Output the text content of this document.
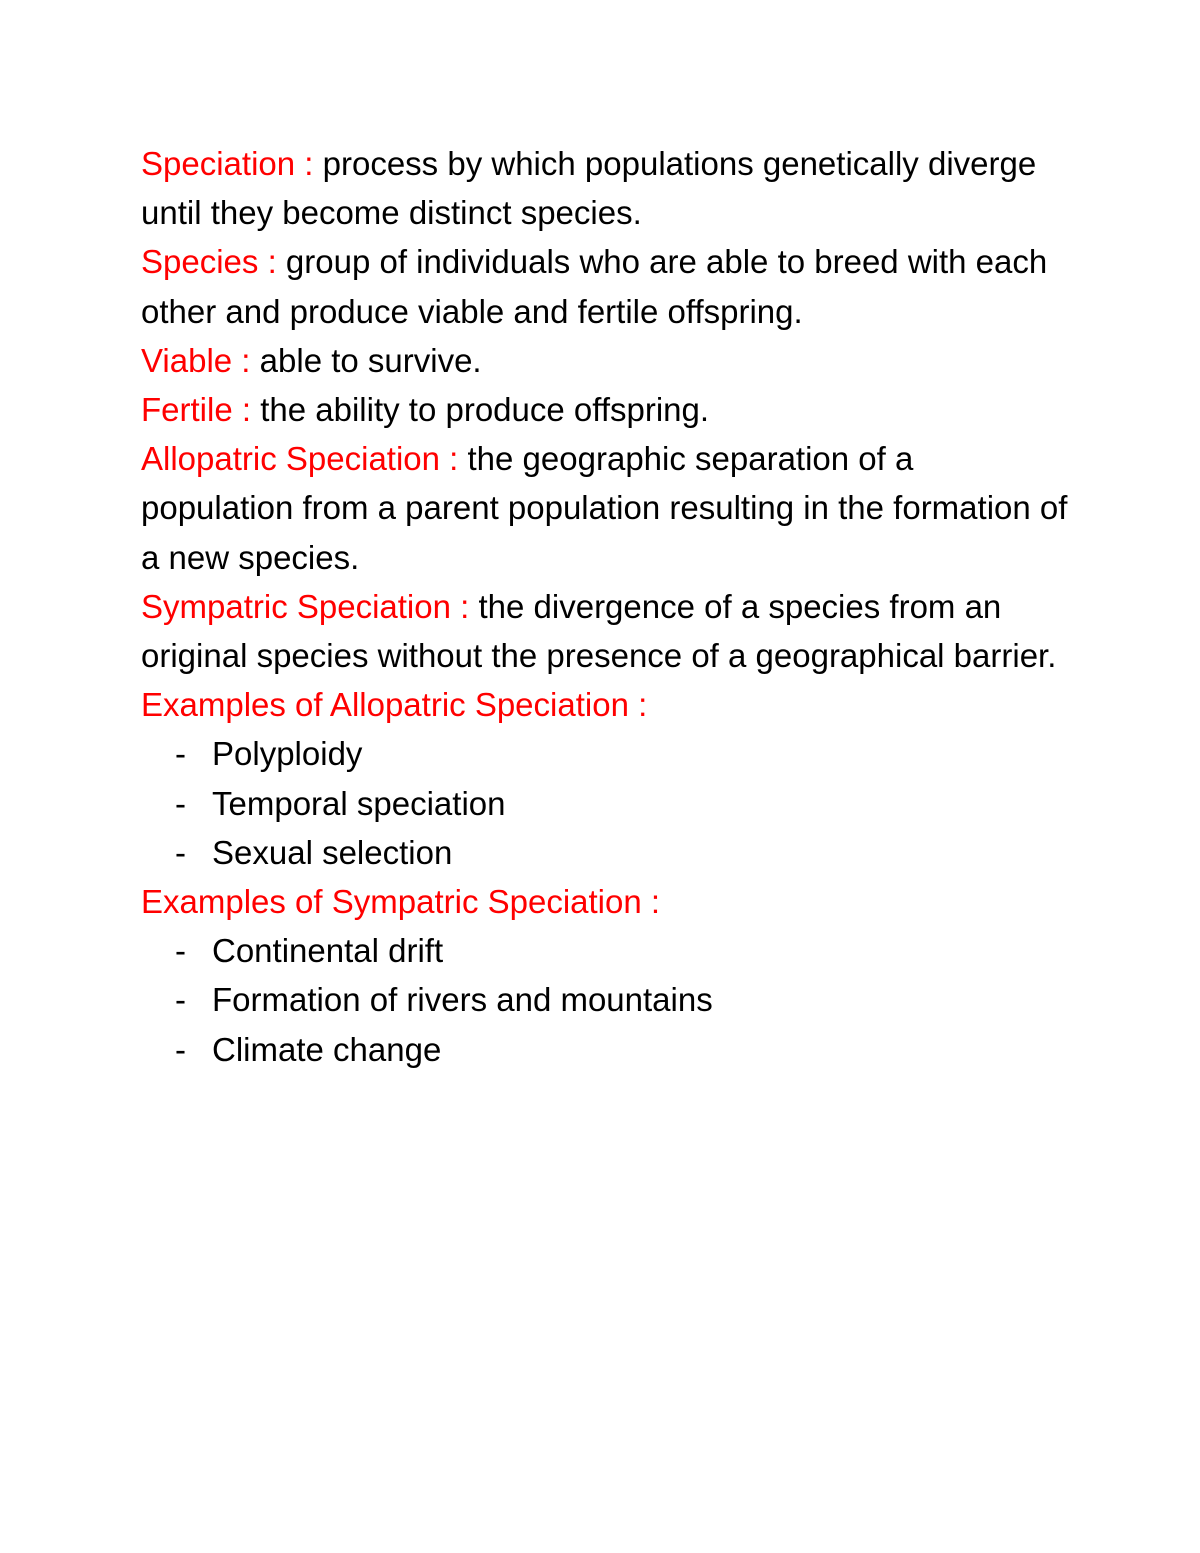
Speciation : process by which populations genetically diverge until they become distinct species.

Species : group of individuals who are able to breed with each other and produce viable and fertile offspring.

Viable : able to survive.

Fertile : the ability to produce offspring.

Allopatric Speciation : the geographic separation of a population from a parent population resulting in the formation of a new species.

Sympatric Speciation : the divergence of a species from an original species without the presence of a geographical barrier.

Examples of Allopatric Speciation :

- Polyploidy
- Temporal speciation
- Sexual selection

Examples of Sympatric Speciation :

- Continental drift
- Formation of rivers and mountains
- Climate change
